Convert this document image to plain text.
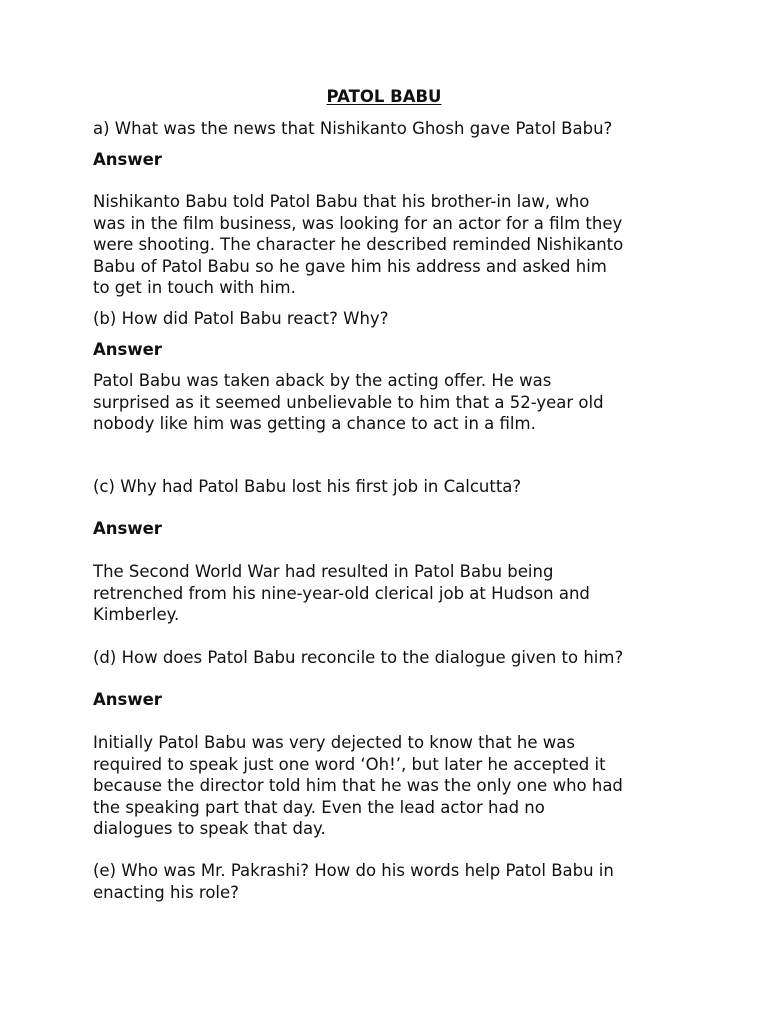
PATOL BABU

a) What was the news that Nishikanto Ghosh gave Patol Babu?

Answer

Nishikanto Babu told Patol Babu that his brother-in law, who
was in the film business, was looking for an actor for a film they
were shooting. The character he described reminded Nishikanto
Babu of Patol Babu so he gave him his address and asked him
to get in touch with him.

(b) How did Patol Babu react? Why?

Answer

Patol Babu was taken aback by the acting offer. He was
surprised as it seemed unbelievable to him that a 52-year old
nobody like him was getting a chance to act in a film.

(c) Why had Patol Babu lost his first job in Calcutta?

Answer

The Second World War had resulted in Patol Babu being
retrenched from his nine-year-old clerical job at Hudson and
Kimberley.

(d) How does Patol Babu reconcile to the dialogue given to him?

Answer

Initially Patol Babu was very dejected to know that he was
required to speak just one word ‘Oh!’, but later he accepted it
because the director told him that he was the only one who had
the speaking part that day. Even the lead actor had no
dialogues to speak that day.
(e) Who was Mr. Pakrashi? How do his words help Patol Babu in
enacting his role?
